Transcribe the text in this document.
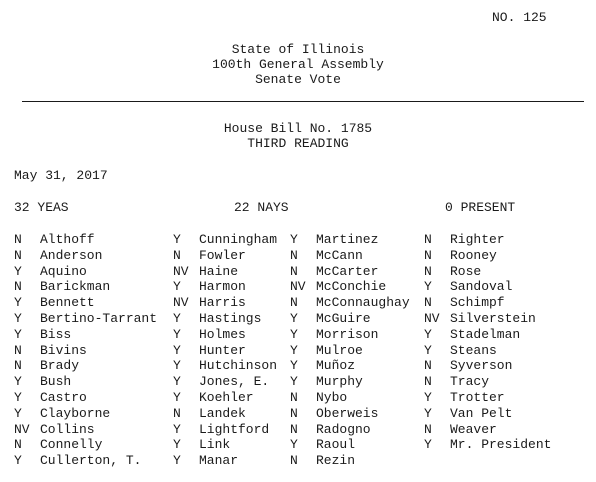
NO. 125
State of Illinois
100th General Assembly
Senate Vote
House Bill No. 1785
THIRD READING
May 31, 2017
32 YEAS	22 NAYS	0 PRESENT
N Althoff
N Anderson
Y Aquino
N Barickman
Y Bennett
Y Bertino-Tarrant
Y Biss
N Bivins
N Brady
Y Bush
Y Castro
Y Clayborne
NV Collins
N Connelly
Y Cullerton, T.
Y Cunningham
N Fowler
NV Haine
Y Harmon
NV Harris
Y Hastings
Y Holmes
Y Hunter
Y Hutchinson
Y Jones, E.
Y Koehler
N Landek
Y Lightford
Y Link
Y Manar
Y Martinez
N McCann
N McCarter
NV McConchie
N McConnaughay
Y McGuire
Y Morrison
Y Mulroe
Y Muñoz
Y Murphy
N Nybo
N Oberweis
N Radogno
Y Raoul
N Rezin
N Righter
N Rooney
N Rose
Y Sandoval
N Schimpf
NV Silverstein
Y Stadelman
Y Steans
N Syverson
N Tracy
Y Trotter
Y Van Pelt
N Weaver
Y Mr. President
